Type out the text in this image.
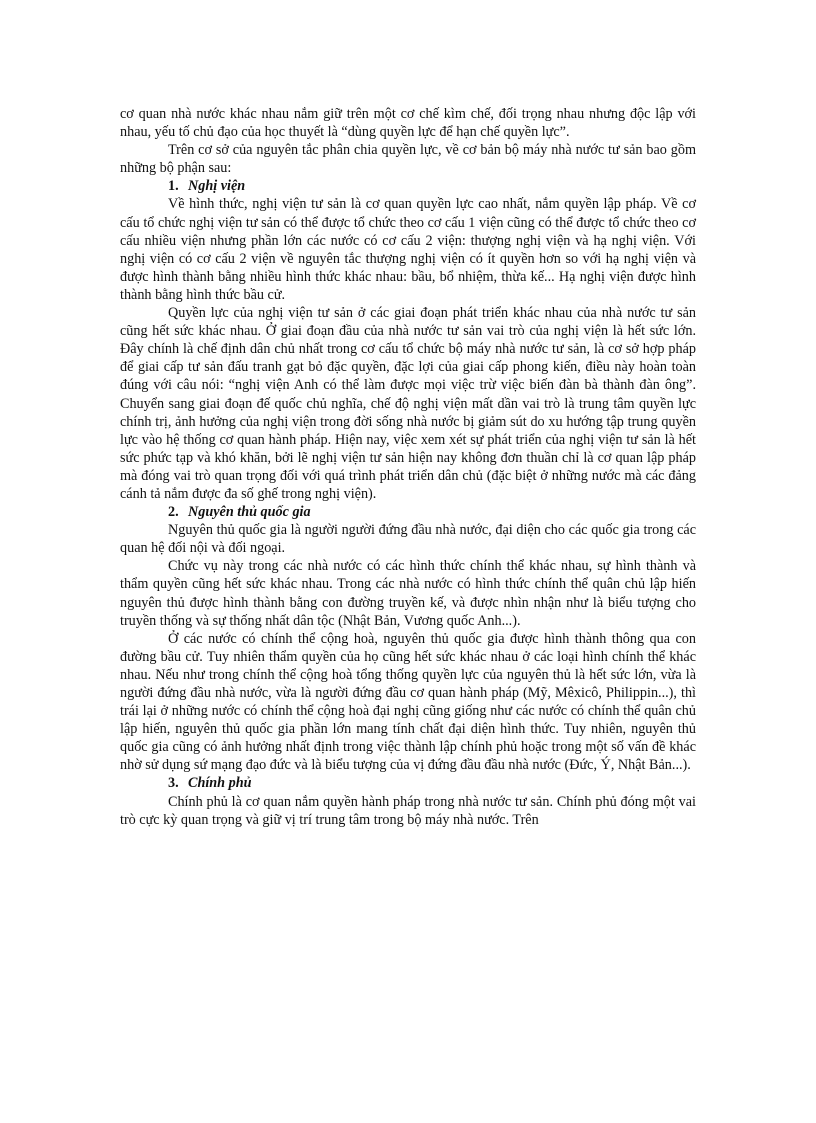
cơ quan nhà nước khác nhau nắm giữ trên một cơ chế kìm chế, đối trọng nhau nhưng độc lập với nhau, yếu tố chủ đạo của học thuyết là “dùng quyền lực để hạn chế quyền lực”.

Trên cơ sở của nguyên tắc phân chia quyền lực, về cơ bản bộ máy nhà nước tư sản bao gồm những bộ phận sau:

1. Nghị viện

Về hình thức, nghị viện tư sản là cơ quan quyền lực cao nhất, nắm quyền lập pháp. Về cơ cấu tổ chức nghị viện tư sản có thể được tổ chức theo cơ cấu 1 viện cũng có thể được tổ chức theo cơ cấu nhiều viện nhưng phần lớn các nước có cơ cấu 2 viện: thượng nghị viện và hạ nghị viện. Với nghị viện có cơ cấu 2 viện về nguyên tắc thượng nghị viện có ít quyền hơn so với hạ nghị viện và được hình thành bằng nhiều hình thức khác nhau: bầu, bổ nhiệm, thừa kế... Hạ nghị viện được hình thành bằng hình thức bầu cử.

Quyền lực của nghị viện tư sản ở các giai đoạn phát triển khác nhau của nhà nước tư sản cũng hết sức khác nhau. Ở giai đoạn đầu của nhà nước tư sản vai trò của nghị viện là hết sức lớn. Đây chính là chế định dân chủ nhất trong cơ cấu tổ chức bộ máy nhà nước tư sản, là cơ sở hợp pháp để giai cấp tư sản đấu tranh gạt bỏ đặc quyền, đặc lợi của giai cấp phong kiến, điều này hoàn toàn đúng với câu nói: “nghị viện Anh có thể làm được mọi việc trừ việc biến đàn bà thành đàn ông”. Chuyển sang giai đoạn đế quốc chủ nghĩa, chế độ nghị viện mất dần vai trò là trung tâm quyền lực chính trị, ảnh hưởng của nghị viện trong đời sống nhà nước bị giảm sút do xu hướng tập trung quyền lực vào hệ thống cơ quan hành pháp. Hiện nay, việc xem xét sự phát triển của nghị viện tư sản là hết sức phức tạp và khó khăn, bởi lẽ nghị viện tư sản hiện nay không đơn thuần chỉ là cơ quan lập pháp mà đóng vai trò quan trọng đối với quá trình phát triển dân chủ (đặc biệt ở những nước mà các đảng cánh tả nắm được đa số ghế trong nghị viện).

2. Nguyên thủ quốc gia

Nguyên thủ quốc gia là người người đứng đầu nhà nước, đại diện cho các quốc gia trong các quan hệ đối nội và đối ngoại.

Chức vụ này trong các nhà nước có các hình thức chính thể khác nhau, sự hình thành và thẩm quyền cũng hết sức khác nhau. Trong các nhà nước có hình thức chính thể quân chủ lập hiến nguyên thủ được hình thành bằng con đường truyền kế, và được nhìn nhận như là biểu tượng cho truyền thống và sự thống nhất dân tộc (Nhật Bản, Vương quốc Anh...).

Ở các nước có chính thể cộng hoà, nguyên thủ quốc gia được hình thành thông qua con đường bầu cử. Tuy nhiên thẩm quyền của họ cũng hết sức khác nhau ở các loại hình chính thể khác nhau. Nếu như trong chính thể cộng hoà tổng thống quyền lực của nguyên thủ là hết sức lớn, vừa là người đứng đầu nhà nước, vừa là người đứng đầu cơ quan hành pháp (Mỹ, Mêxicô, Philippin...), thì trái lại ở những nước có chính thể cộng hoà đại nghị cũng giống như các nước có chính thể quân chủ lập hiến, nguyên thủ quốc gia phần lớn mang tính chất đại diện hình thức. Tuy nhiên, nguyên thủ quốc gia cũng có ảnh hưởng nhất định trong việc thành lập chính phủ hoặc trong một số vấn đề khác nhờ sử dụng sứ mạng đạo đức và là biểu tượng của vị đứng đầu đầu nhà nước (Đức, Ý, Nhật Bản...).

3. Chính phủ

Chính phủ là cơ quan nắm quyền hành pháp trong nhà nước tư sản. Chính phủ đóng một vai trò cực kỳ quan trọng và giữ vị trí trung tâm trong bộ máy nhà nước. Trên
